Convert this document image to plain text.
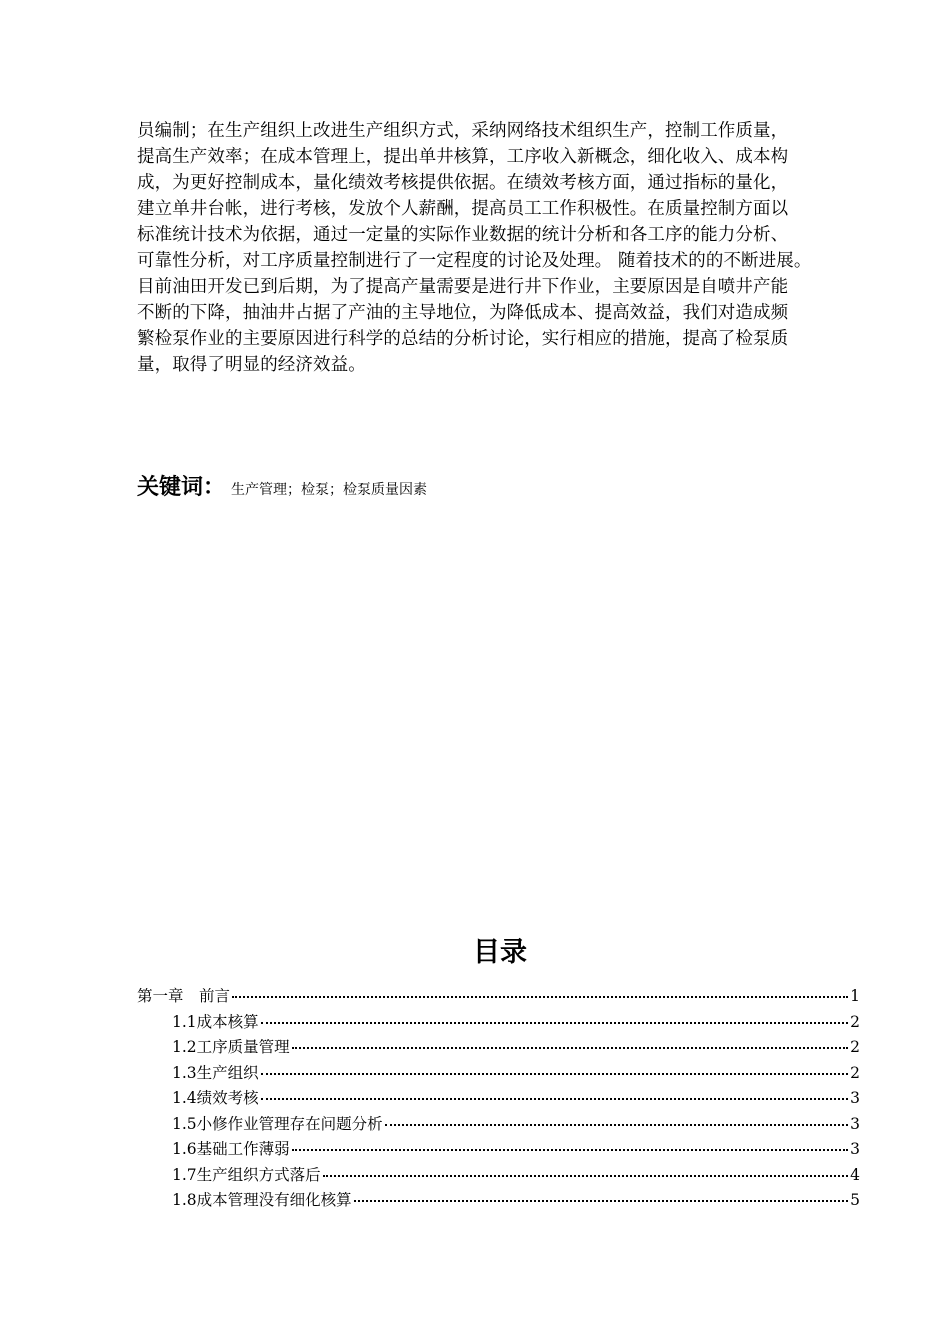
员编制；在生产组织上改进生产组织方式，采纳网络技术组织生产，控制工作质量，
提高生产效率；在成本管理上，提出单井核算，工序收入新概念，细化收入、成本构
成，为更好控制成本，量化绩效考核提供依据。在绩效考核方面，通过指标的量化，
建立单井台帐，进行考核，发放个人薪酬，提高员工工作积极性。在质量控制方面以
标准统计技术为依据，通过一定量的实际作业数据的统计分析和各工序的能力分析、
可靠性分析，对工序质量控制进行了一定程度的讨论及处理。 随着技术的的不断进展。
目前油田开发已到后期，为了提高产量需要是进行井下作业，主要原因是自喷井产能
不断的下降，抽油井占据了产油的主导地位，为降低成本、提高效益，我们对造成频
繁检泵作业的主要原因进行科学的总结的分析讨论，实行相应的措施，提高了检泵质
量，取得了明显的经济效益。
关键词： 生产管理；检泵；检泵质量因素
目录
第一章　前言	1
1.1成本核算	2
1.2工序质量管理	2
1.3生产组织	2
1.4绩效考核	3
1.5小修作业管理存在问题分析	3
1.6基础工作薄弱	3
1.7生产组织方式落后	4
1.8成本管理没有细化核算	5
